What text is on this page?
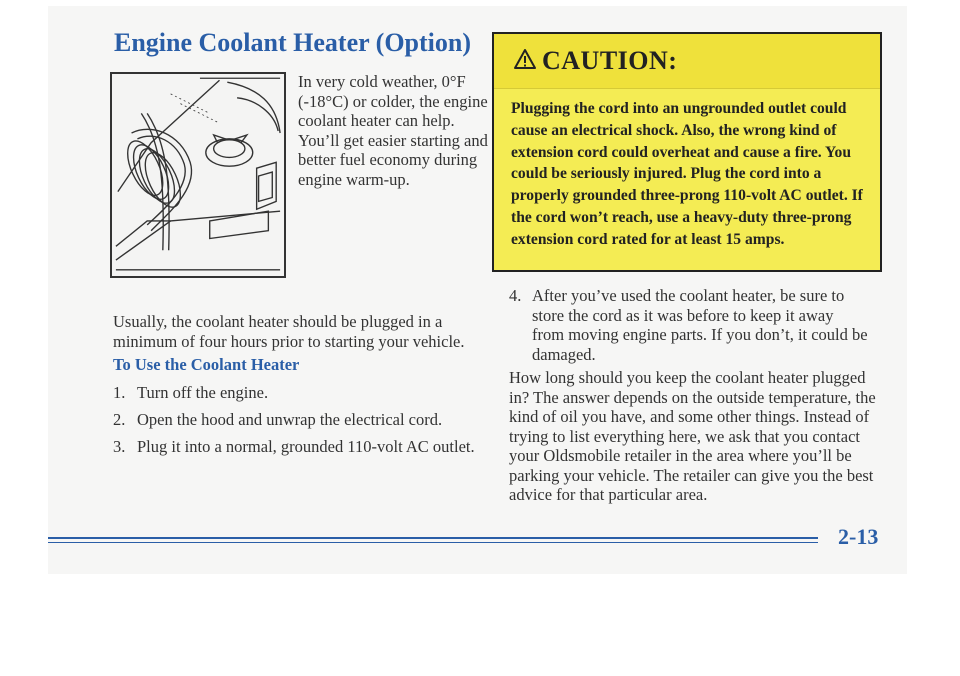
Engine Coolant Heater (Option)

In very cold weather, 0°F (-18°C) or colder, the engine coolant heater can help. You’ll get easier starting and better fuel economy during engine warm-up.

Usually, the coolant heater should be plugged in a minimum of four hours prior to starting your vehicle.

To Use the Coolant Heater

1. Turn off the engine.

2. Open the hood and unwrap the electrical cord.

3. Plug it into a normal, grounded 110-volt AC outlet.

CAUTION:

Plugging the cord into an ungrounded outlet could cause an electrical shock. Also, the wrong kind of extension cord could overheat and cause a fire. You could be seriously injured. Plug the cord into a properly grounded three-prong 110-volt AC outlet. If the cord won’t reach, use a heavy-duty three-prong extension cord rated for at least 15 amps.

4. After you’ve used the coolant heater, be sure to store the cord as it was before to keep it away from moving engine parts. If you don’t, it could be damaged.

How long should you keep the coolant heater plugged in? The answer depends on the outside temperature, the kind of oil you have, and some other things. Instead of trying to list everything here, we ask that you contact your Oldsmobile retailer in the area where you’ll be parking your vehicle. The retailer can give you the best advice for that particular area.

2-13
